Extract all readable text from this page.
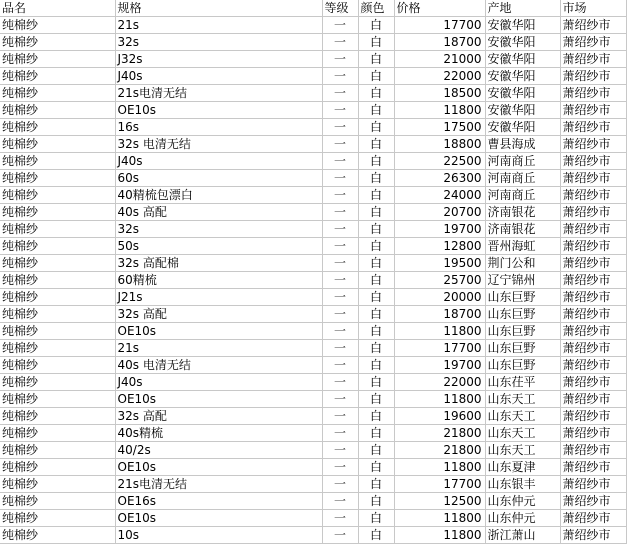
品名	规格	等级	颜色	价格	产地	市场
纯棉纱	21s	一	白	17700	安徽华阳	萧绍纱市
纯棉纱	32s	一	白	18700	安徽华阳	萧绍纱市
纯棉纱	J32s	一	白	21000	安徽华阳	萧绍纱市
纯棉纱	J40s	一	白	22000	安徽华阳	萧绍纱市
纯棉纱	21s电清无结	一	白	18500	安徽华阳	萧绍纱市
纯棉纱	OE10s	一	白	11800	安徽华阳	萧绍纱市
纯棉纱	16s	一	白	17500	安徽华阳	萧绍纱市
纯棉纱	32s 电清无结	一	白	18800	曹县海成	萧绍纱市
纯棉纱	J40s	一	白	22500	河南商丘	萧绍纱市
纯棉纱	60s	一	白	26300	河南商丘	萧绍纱市
纯棉纱	40精梳包漂白	一	白	24000	河南商丘	萧绍纱市
纯棉纱	40s 高配	一	白	20700	济南银花	萧绍纱市
纯棉纱	32s	一	白	19700	济南银花	萧绍纱市
纯棉纱	50s	一	白	12800	晋州海虹	萧绍纱市
纯棉纱	32s 高配棉	一	白	19500	荆门公和	萧绍纱市
纯棉纱	60精梳	一	白	25700	辽宁锦州	萧绍纱市
纯棉纱	J21s	一	白	20000	山东巨野	萧绍纱市
纯棉纱	32s 高配	一	白	18700	山东巨野	萧绍纱市
纯棉纱	OE10s	一	白	11800	山东巨野	萧绍纱市
纯棉纱	21s	一	白	17700	山东巨野	萧绍纱市
纯棉纱	40s 电清无结	一	白	19700	山东巨野	萧绍纱市
纯棉纱	J40s	一	白	22000	山东茌平	萧绍纱市
纯棉纱	OE10s	一	白	11800	山东天工	萧绍纱市
纯棉纱	32s 高配	一	白	19600	山东天工	萧绍纱市
纯棉纱	40s精梳	一	白	21800	山东天工	萧绍纱市
纯棉纱	40/2s	一	白	21800	山东天工	萧绍纱市
纯棉纱	OE10s	一	白	11800	山东夏津	萧绍纱市
纯棉纱	21s电清无结	一	白	17700	山东银丰	萧绍纱市
纯棉纱	OE16s	一	白	12500	山东仲元	萧绍纱市
纯棉纱	OE10s	一	白	11800	山东仲元	萧绍纱市
纯棉纱	10s	一	白	11800	浙江萧山	萧绍纱市
